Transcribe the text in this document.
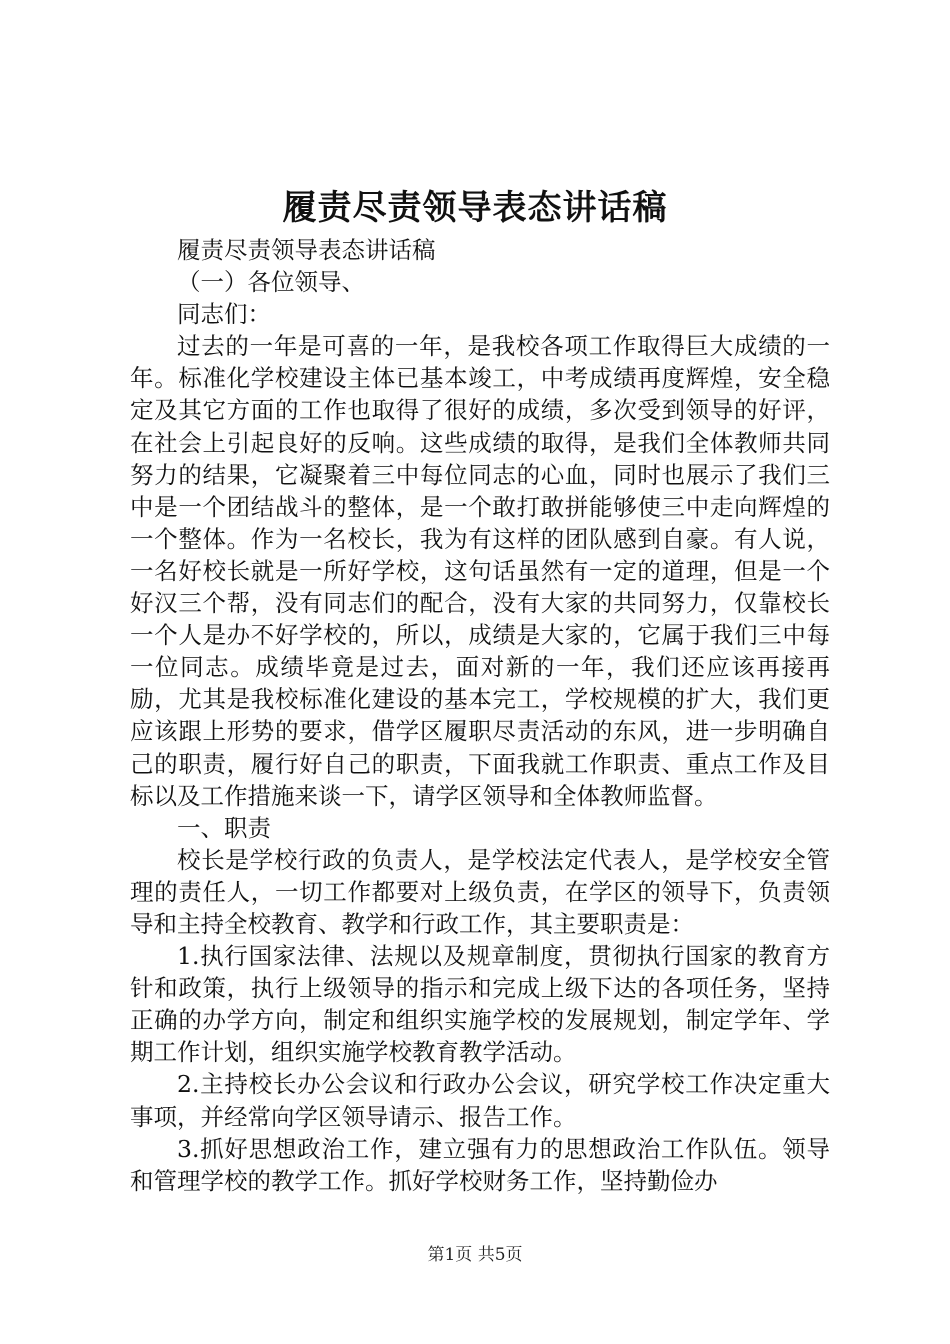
履责尽责领导表态讲话稿

履责尽责领导表态讲话稿

（一）各位领导、

同志们：

过去的一年是可喜的一年，是我校各项工作取得巨大成绩的一年。标准化学校建设主体已基本竣工，中考成绩再度辉煌，安全稳定及其它方面的工作也取得了很好的成绩，多次受到领导的好评，在社会上引起良好的反响。这些成绩的取得，是我们全体教师共同努力的结果，它凝聚着三中每位同志的心血，同时也展示了我们三中是一个团结战斗的整体，是一个敢打敢拼能够使三中走向辉煌的一个整体。作为一名校长，我为有这样的团队感到自豪。有人说，一名好校长就是一所好学校，这句话虽然有一定的道理，但是一个好汉三个帮，没有同志们的配合，没有大家的共同努力，仅靠校长一个人是办不好学校的，所以，成绩是大家的，它属于我们三中每一位同志。成绩毕竟是过去，面对新的一年，我们还应该再接再励，尤其是我校标准化建设的基本完工，学校规模的扩大，我们更应该跟上形势的要求，借学区履职尽责活动的东风，进一步明确自己的职责，履行好自己的职责，下面我就工作职责、重点工作及目标以及工作措施来谈一下，请学区领导和全体教师监督。

一、职责

校长是学校行政的负责人，是学校法定代表人，是学校安全管理的责任人，一切工作都要对上级负责，在学区的领导下，负责领导和主持全校教育、教学和行政工作，其主要职责是：

1.执行国家法律、法规以及规章制度，贯彻执行国家的教育方针和政策，执行上级领导的指示和完成上级下达的各项任务，坚持正确的办学方向，制定和组织实施学校的发展规划，制定学年、学期工作计划，组织实施学校教育教学活动。

2.主持校长办公会议和行政办公会议，研究学校工作决定重大事项，并经常向学区领导请示、报告工作。

3.抓好思想政治工作，建立强有力的思想政治工作队伍。领导和管理学校的教学工作。抓好学校财务工作，坚持勤俭办

第1页 共5页
